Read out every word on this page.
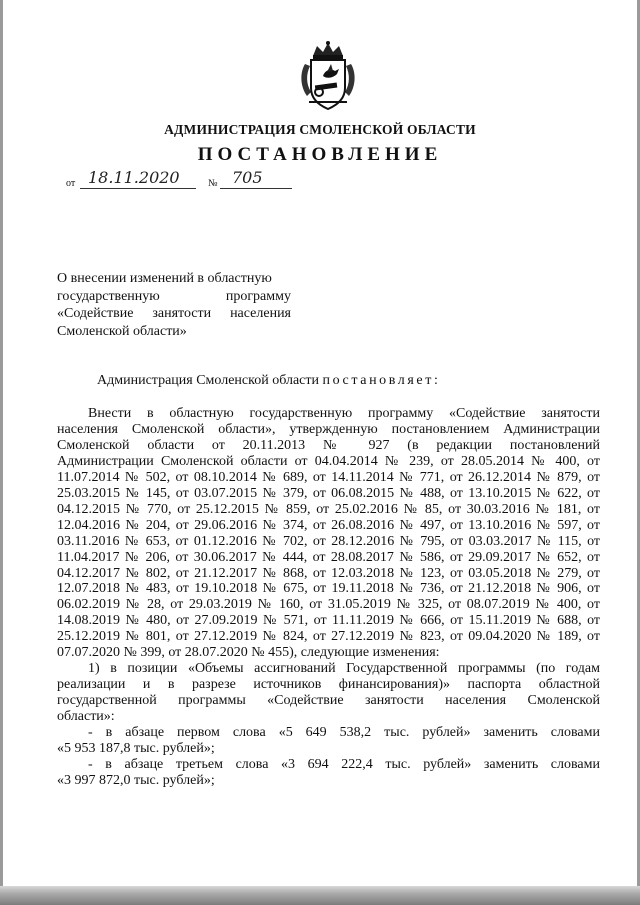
АДМИНИСТРАЦИЯ СМОЛЕНСКОЙ ОБЛАСТИ
ПОСТАНОВЛЕНИЕ
от 18.11.2020	№ 705
О внесении изменений в областную
государственную программу
«Содействие занятости населения
Смоленской области»
Администрация Смоленской области постановляет:
Внести в областную государственную программу «Содействие занятости
населения Смоленской области», утвержденную постановлением Администрации
Смоленской области от 20.11.2013 № 927 (в редакции постановлений
Администрации Смоленской области от 04.04.2014 № 239, от 28.05.2014 № 400, от
11.07.2014 № 502, от 08.10.2014 № 689, от 14.11.2014 № 771, от 26.12.2014 № 879, от
25.03.2015 № 145, от 03.07.2015 № 379, от 06.08.2015 № 488, от 13.10.2015 № 622, от
04.12.2015 № 770, от 25.12.2015 № 859, от 25.02.2016 № 85, от 30.03.2016 № 181, от
12.04.2016 № 204, от 29.06.2016 № 374, от 26.08.2016 № 497, от 13.10.2016 № 597, от
03.11.2016 № 653, от 01.12.2016 № 702, от 28.12.2016 № 795, от 03.03.2017 № 115, от
11.04.2017 № 206, от 30.06.2017 № 444, от 28.08.2017 № 586, от 29.09.2017 № 652, от
04.12.2017 № 802, от 21.12.2017 № 868, от 12.03.2018 № 123, от 03.05.2018 № 279, от
12.07.2018 № 483, от 19.10.2018 № 675, от 19.11.2018 № 736, от 21.12.2018 № 906, от
06.02.2019 № 28, от 29.03.2019 № 160, от 31.05.2019 № 325, от 08.07.2019 № 400, от
14.08.2019 № 480, от 27.09.2019 № 571, от 11.11.2019 № 666, от 15.11.2019 № 688, от
25.12.2019 № 801, от 27.12.2019 № 824, от 27.12.2019 № 823, от 09.04.2020 № 189, от
07.07.2020 № 399, от 28.07.2020 № 455), следующие изменения:
1) в позиции «Объемы ассигнований Государственной программы (по годам
реализации и в разрезе источников финансирования)» паспорта областной
государственной программы «Содействие занятости населения Смоленской
области»:
- в абзаце первом слова «5 649 538,2 тыс. рублей» заменить словами
«5 953 187,8 тыс. рублей»;
- в абзаце третьем слова «3 694 222,4 тыс. рублей» заменить словами
«3 997 872,0 тыс. рублей»;
